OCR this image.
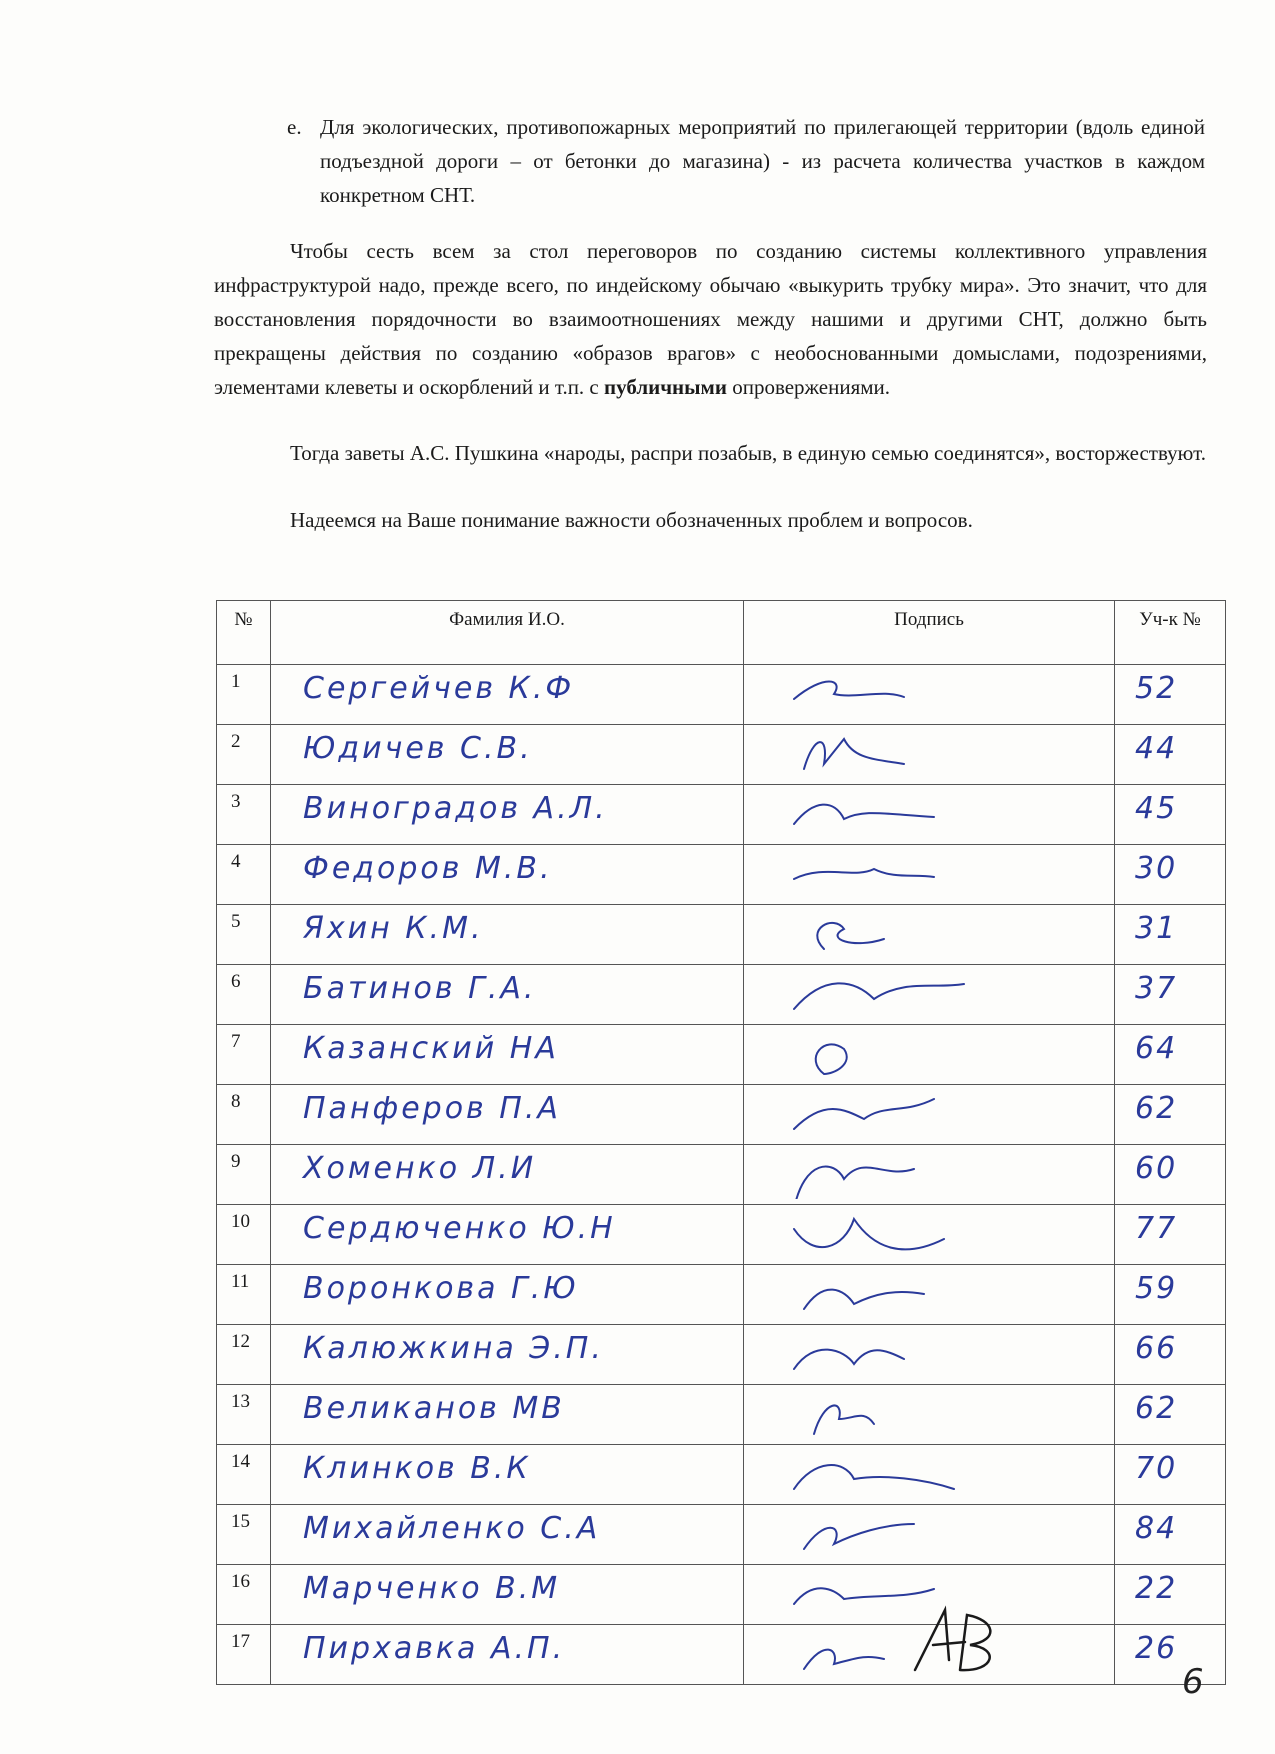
е. Для экологических, противопожарных мероприятий по прилегающей территории (вдоль единой подъездной дороги – от бетонки до магазина) - из расчета количества участков в каждом конкретном СНТ.
Чтобы сесть всем за стол переговоров по созданию системы коллективного управления инфраструктурой надо, прежде всего, по индейскому обычаю «выкурить трубку мира». Это значит, что для восстановления порядочности во взаимоотношениях между нашими и другими СНТ, должно быть прекращены действия по созданию «образов врагов» с необоснованными домыслами, подозрениями, элементами клеветы и оскорблений и т.п. с публичными опровержениями.
Тогда заветы А.С. Пушкина «народы, распри позабыв, в единую семью соединятся», восторжествуют.
Надеемся на Ваше понимание важности обозначенных проблем и вопросов.
№	Фамилия И.О.	Подпись	Уч-к №
1	Сергейчев К.Ф		52
2	Юдичев С.В.		44
3	Виноградов А.Л.		45
4	Федоров М.В.		30
5	Яхин К.М.		31
6	Батинов Г.А.		37
7	Казанский НА		64
8	Панферов П.А		62
9	Хоменко Л.И		60
10	Сердюченко Ю.Н		77
11	Воронкова Г.Ю		59
12	Калюжкина Э.П.		66
13	Великанов МВ		62
14	Клинков В.К		70
15	Михайленко С.А		84
16	Марченко В.М		22
17	Пирхавка А.П.		26
6
